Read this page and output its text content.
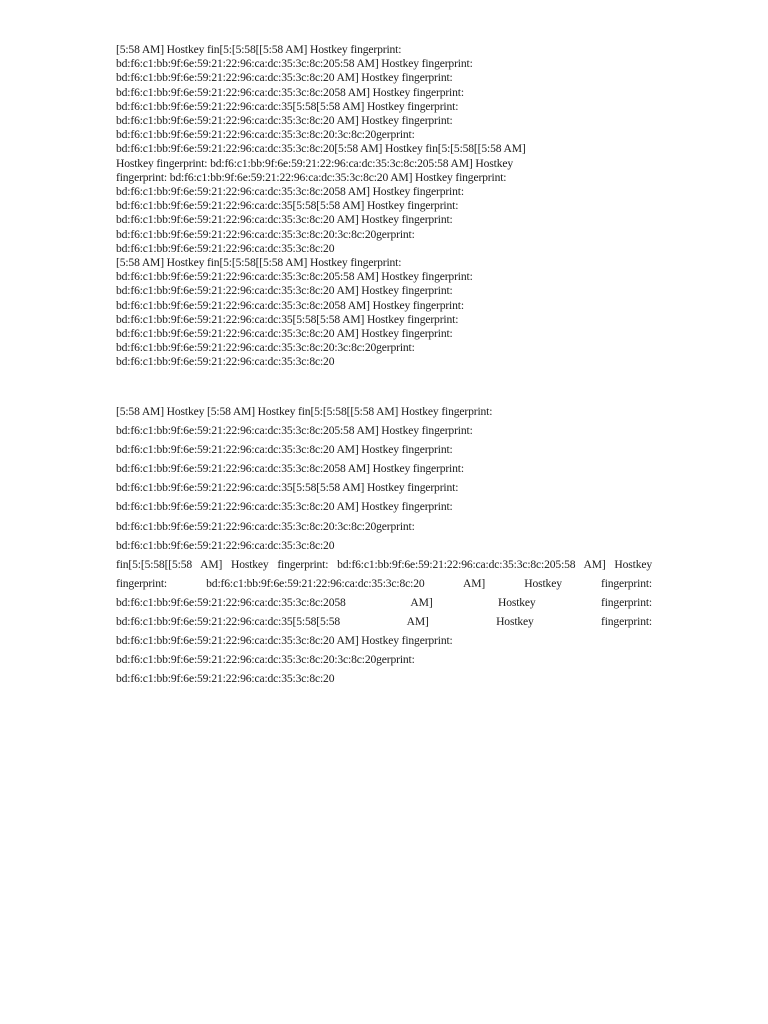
[5:58 AM] Hostkey fin[5:[5:58[[5:58 AM] Hostkey fingerprint:
bd:f6:c1:bb:9f:6e:59:21:22:96:ca:dc:35:3c:8c:205:58 AM] Hostkey fingerprint:
bd:f6:c1:bb:9f:6e:59:21:22:96:ca:dc:35:3c:8c:20 AM] Hostkey fingerprint:
bd:f6:c1:bb:9f:6e:59:21:22:96:ca:dc:35:3c:8c:2058 AM] Hostkey fingerprint:
bd:f6:c1:bb:9f:6e:59:21:22:96:ca:dc:35[5:58[5:58 AM] Hostkey fingerprint:
bd:f6:c1:bb:9f:6e:59:21:22:96:ca:dc:35:3c:8c:20 AM] Hostkey fingerprint:
bd:f6:c1:bb:9f:6e:59:21:22:96:ca:dc:35:3c:8c:20:3c:8c:20gerprint:
bd:f6:c1:bb:9f:6e:59:21:22:96:ca:dc:35:3c:8c:20[5:58 AM] Hostkey fin[5:[5:58[[5:58 AM]
Hostkey fingerprint: bd:f6:c1:bb:9f:6e:59:21:22:96:ca:dc:35:3c:8c:205:58 AM] Hostkey
fingerprint: bd:f6:c1:bb:9f:6e:59:21:22:96:ca:dc:35:3c:8c:20 AM] Hostkey fingerprint:
bd:f6:c1:bb:9f:6e:59:21:22:96:ca:dc:35:3c:8c:2058 AM] Hostkey fingerprint:
bd:f6:c1:bb:9f:6e:59:21:22:96:ca:dc:35[5:58[5:58 AM] Hostkey fingerprint:
bd:f6:c1:bb:9f:6e:59:21:22:96:ca:dc:35:3c:8c:20 AM] Hostkey fingerprint:
bd:f6:c1:bb:9f:6e:59:21:22:96:ca:dc:35:3c:8c:20:3c:8c:20gerprint:
bd:f6:c1:bb:9f:6e:59:21:22:96:ca:dc:35:3c:8c:20
[5:58 AM] Hostkey fin[5:[5:58[[5:58 AM] Hostkey fingerprint:
bd:f6:c1:bb:9f:6e:59:21:22:96:ca:dc:35:3c:8c:205:58 AM] Hostkey fingerprint:
bd:f6:c1:bb:9f:6e:59:21:22:96:ca:dc:35:3c:8c:20 AM] Hostkey fingerprint:
bd:f6:c1:bb:9f:6e:59:21:22:96:ca:dc:35:3c:8c:2058 AM] Hostkey fingerprint:
bd:f6:c1:bb:9f:6e:59:21:22:96:ca:dc:35[5:58[5:58 AM] Hostkey fingerprint:
bd:f6:c1:bb:9f:6e:59:21:22:96:ca:dc:35:3c:8c:20 AM] Hostkey fingerprint:
bd:f6:c1:bb:9f:6e:59:21:22:96:ca:dc:35:3c:8c:20:3c:8c:20gerprint:
bd:f6:c1:bb:9f:6e:59:21:22:96:ca:dc:35:3c:8c:20
[5:58 AM] Hostkey [5:58 AM] Hostkey fin[5:[5:58[[5:58 AM] Hostkey fingerprint:
bd:f6:c1:bb:9f:6e:59:21:22:96:ca:dc:35:3c:8c:205:58 AM] Hostkey fingerprint:
bd:f6:c1:bb:9f:6e:59:21:22:96:ca:dc:35:3c:8c:20 AM] Hostkey fingerprint:
bd:f6:c1:bb:9f:6e:59:21:22:96:ca:dc:35:3c:8c:2058 AM] Hostkey fingerprint:
bd:f6:c1:bb:9f:6e:59:21:22:96:ca:dc:35[5:58[5:58 AM] Hostkey fingerprint:
bd:f6:c1:bb:9f:6e:59:21:22:96:ca:dc:35:3c:8c:20 AM] Hostkey fingerprint:
bd:f6:c1:bb:9f:6e:59:21:22:96:ca:dc:35:3c:8c:20:3c:8c:20gerprint:
bd:f6:c1:bb:9f:6e:59:21:22:96:ca:dc:35:3c:8c:20
fin[5:[5:58[[5:58 AM] Hostkey fingerprint: bd:f6:c1:bb:9f:6e:59:21:22:96:ca:dc:35:3c:8c:205:58 AM] Hostkey fingerprint: bd:f6:c1:bb:9f:6e:59:21:22:96:ca:dc:35:3c:8c:20 AM] Hostkey fingerprint: bd:f6:c1:bb:9f:6e:59:21:22:96:ca:dc:35:3c:8c:2058 AM] Hostkey fingerprint: bd:f6:c1:bb:9f:6e:59:21:22:96:ca:dc:35[5:58[5:58 AM] Hostkey fingerprint: bd:f6:c1:bb:9f:6e:59:21:22:96:ca:dc:35:3c:8c:20 AM] Hostkey fingerprint:
bd:f6:c1:bb:9f:6e:59:21:22:96:ca:dc:35:3c:8c:20:3c:8c:20gerprint:
bd:f6:c1:bb:9f:6e:59:21:22:96:ca:dc:35:3c:8c:20
